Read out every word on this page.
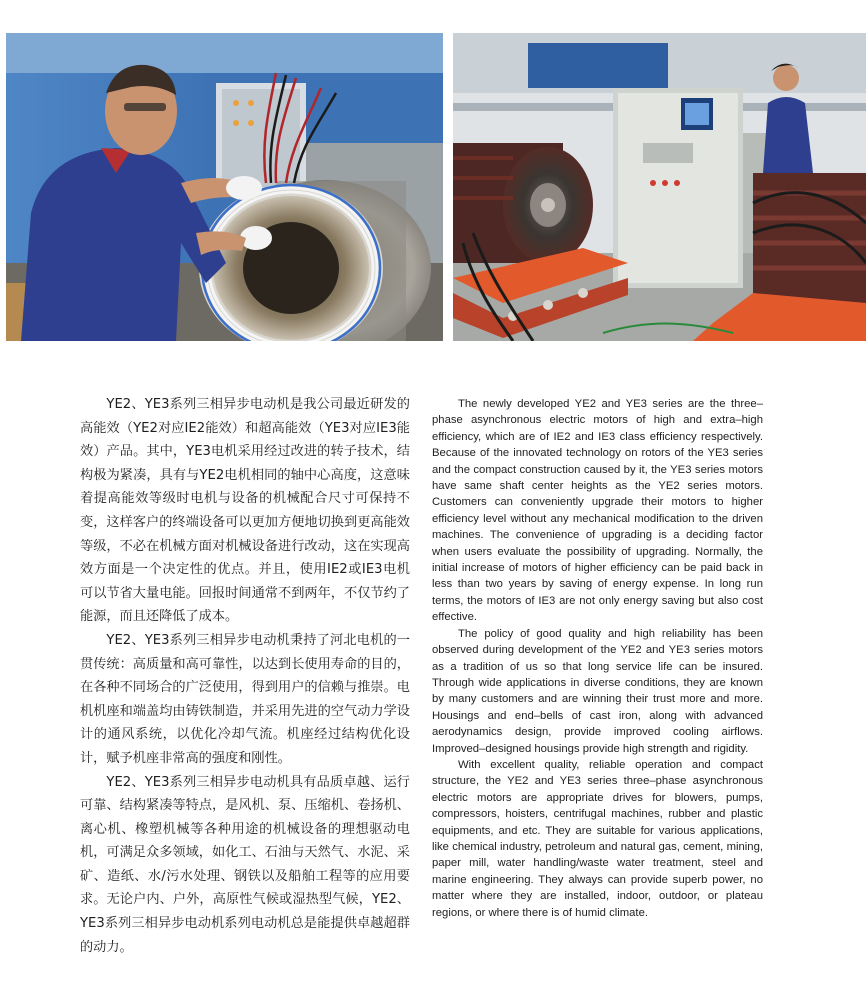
YE2、YE3系列三相异步电动机是我公司最近研发的高能效（YE2对应IE2能效）和超高能效（YE3对应IE3能效）产品。其中，YE3电机采用经过改进的转子技术，结构极为紧凑，具有与YE2电机相同的轴中心高度，这意味着提高能效等级时电机与设备的机械配合尺寸可保持不变，这样客户的终端设备可以更加方便地切换到更高能效等级，不必在机械方面对机械设备进行改动，这在实现高效方面是一个决定性的优点。并且，使用IE2或IE3电机可以节省大量电能。回报时间通常不到两年，不仅节约了能源，而且还降低了成本。

YE2、YE3系列三相异步电动机秉持了河北电机的一贯传统：高质量和高可靠性，以达到长使用寿命的目的，在各种不同场合的广泛使用，得到用户的信赖与推崇。电机机座和端盖均由铸铁制造，并采用先进的空气动力学设计的通风系统，以优化冷却气流。机座经过结构优化设计，赋予机座非常高的强度和刚性。

YE2、YE3系列三相异步电动机具有品质卓越、运行可靠、结构紧凑等特点，是风机、泵、压缩机、卷扬机、离心机、橡塑机械等各种用途的机械设备的理想驱动电机，可满足众多领域，如化工、石油与天然气、水泥、采矿、造纸、水/污水处理、钢铁以及船舶工程等的应用要求。无论户内、户外，高原性气候或湿热型气候，YE2、YE3系列三相异步电动机系列电动机总是能提供卓越超群的动力。

The newly developed YE2 and YE3 series are the three–phase asynchronous electric motors of high and extra–high efficiency, which are of IE2 and IE3 class efficiency respectively. Because of the innovated technology on rotors of the YE3 series and the compact construction caused by it, the YE3 series motors have same shaft center heights as the YE2 series motors. Customers can conveniently upgrade their motors to higher efficiency level without any mechanical modification to the driven machines. The convenience of upgrading is a deciding factor when users evaluate the possibility of upgrading. Normally, the initial increase of motors of higher efficiency can be paid back in less than two years by saving of energy expense. In long run terms, the motors of IE3 are not only energy saving but also cost effective.

The policy of good quality and high reliability has been observed during development of the YE2 and YE3 series motors as a tradition of us so that long service life can be insured. Through wide applications in diverse conditions, they are known by many customers and are winning their trust more and more. Housings and end–bells of cast iron, along with advanced aerodynamics design, provide improved cooling airflows. Improved–designed housings provide high strength and rigidity.

With excellent quality, reliable operation and compact structure, the YE2 and YE3 series three–phase asynchronous electric motors are appropriate drives for blowers, pumps, compressors, hoisters, centrifugal machines, rubber and plastic equipments, and etc. They are suitable for various applications, like chemical industry, petroleum and natural gas, cement, mining, paper mill, water handling/waste water treatment, steel and marine engineering. They always can provide superb power, no matter where they are installed, indoor, outdoor, or plateau regions, or where there is of humid climate.
